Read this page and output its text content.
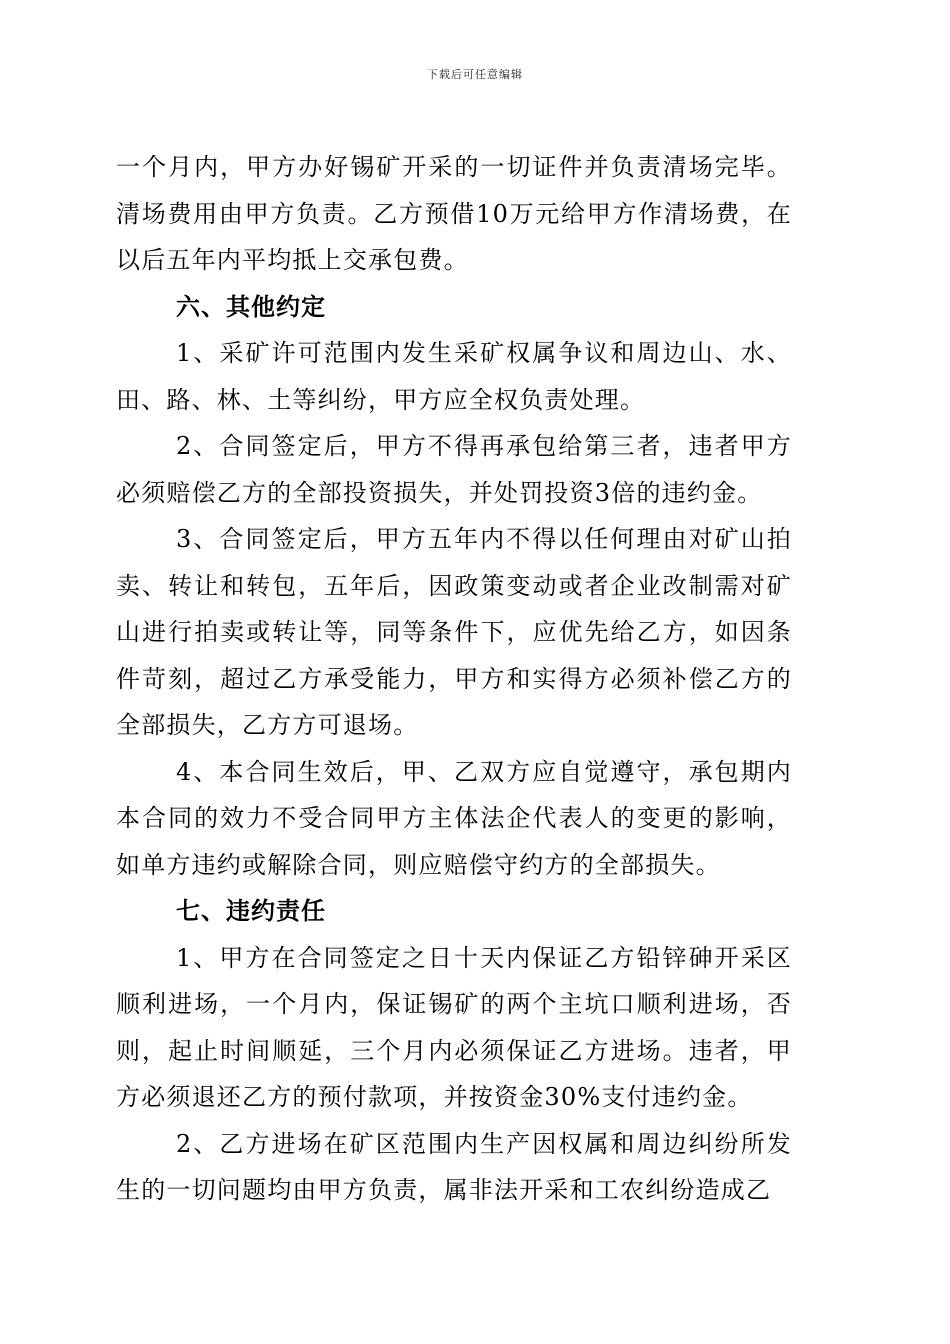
下载后可任意编辑

一个月内，甲方办好锡矿开采的一切证件并负责清场完毕。清场费用由甲方负责。乙方预借10万元给甲方作清场费，在以后五年内平均抵上交承包费。

六、其他约定

1、采矿许可范围内发生采矿权属争议和周边山、水、田、路、林、土等纠纷，甲方应全权负责处理。

2、合同签定后，甲方不得再承包给第三者，违者甲方必须赔偿乙方的全部投资损失，并处罚投资3倍的违约金。

3、合同签定后，甲方五年内不得以任何理由对矿山拍卖、转让和转包，五年后，因政策变动或者企业改制需对矿山进行拍卖或转让等，同等条件下，应优先给乙方，如因条件苛刻，超过乙方承受能力，甲方和实得方必须补偿乙方的全部损失，乙方方可退场。

4、本合同生效后，甲、乙双方应自觉遵守，承包期内本合同的效力不受合同甲方主体法企代表人的变更的影响，如单方违约或解除合同，则应赔偿守约方的全部损失。

七、违约责任

1、甲方在合同签定之日十天内保证乙方铅锌砷开采区顺利进场，一个月内，保证锡矿的两个主坑口顺利进场，否则，起止时间顺延，三个月内必须保证乙方进场。违者，甲方必须退还乙方的预付款项，并按资金30%支付违约金。

2、乙方进场在矿区范围内生产因权属和周边纠纷所发生的一切问题均由甲方负责，属非法开采和工农纠纷造成乙
